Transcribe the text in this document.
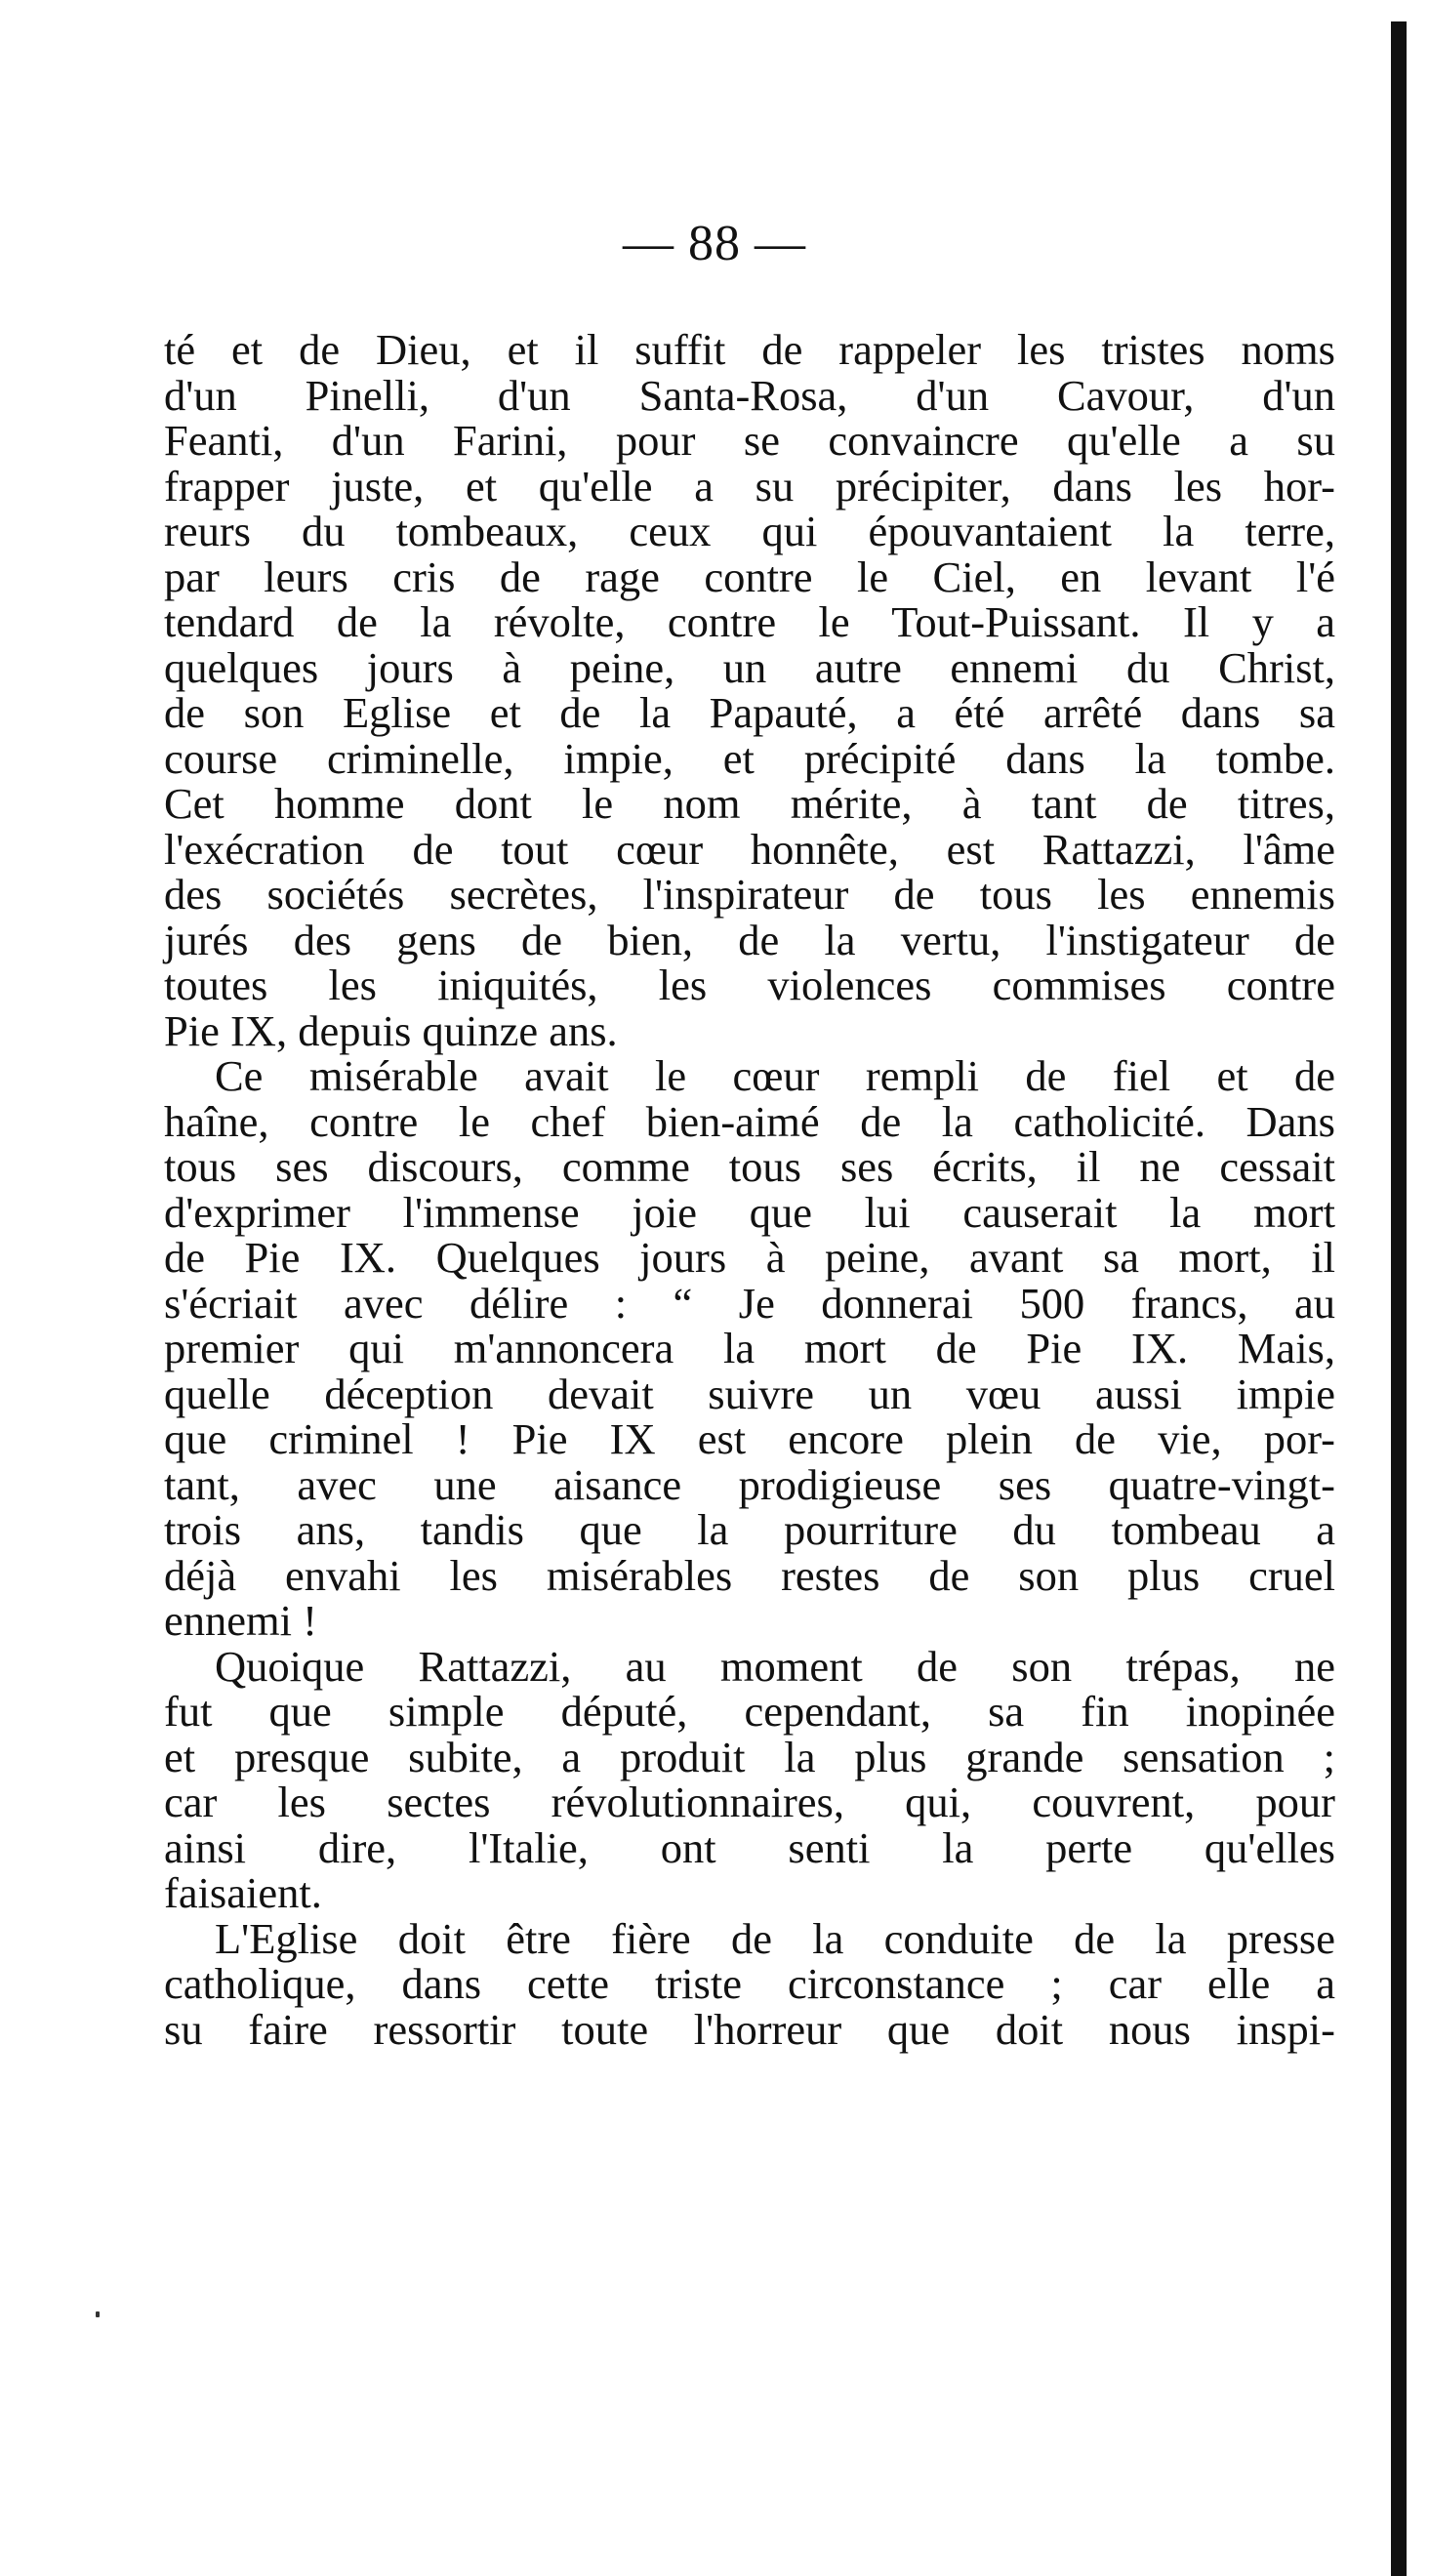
— 88 —
té et de Dieu, et il suffit de rappeler les tristes noms
d'un Pinelli, d'un Santa-Rosa, d'un Cavour, d'un
Feanti, d'un Farini, pour se convaincre qu'elle a su
frapper juste, et qu'elle a su précipiter, dans les hor-
reurs du tombeaux, ceux qui épouvantaient la terre,
par leurs cris de rage contre le Ciel, en levant l'é
tendard de la révolte, contre le Tout-Puissant. Il y a
quelques jours à peine, un autre ennemi du Christ,
de son Eglise et de la Papauté, a été arrêté dans sa
course criminelle, impie, et précipité dans la tombe.
Cet homme dont le nom mérite, à tant de titres,
l'exécration de tout cœur honnête, est Rattazzi, l'âme
des sociétés secrètes, l'inspirateur de tous les ennemis
jurés des gens de bien, de la vertu, l'instigateur de
toutes les iniquités, les violences commises contre
Pie IX, depuis quinze ans.
Ce misérable avait le cœur rempli de fiel et de
haîne, contre le chef bien-aimé de la catholicité. Dans
tous ses discours, comme tous ses écrits, il ne cessait
d'exprimer l'immense joie que lui causerait la mort
de Pie IX. Quelques jours à peine, avant sa mort, il
s'écriait avec délire : “ Je donnerai 500 francs, au
premier qui m'annoncera la mort de Pie IX. Mais,
quelle déception devait suivre un vœu aussi impie
que criminel ! Pie IX est encore plein de vie, por-
tant, avec une aisance prodigieuse ses quatre-vingt-
trois ans, tandis que la pourriture du tombeau a
déjà envahi les misérables restes de son plus cruel
ennemi !
Quoique Rattazzi, au moment de son trépas, ne
fut que simple député, cependant, sa fin inopinée
et presque subite, a produit la plus grande sensation ;
car les sectes révolutionnaires, qui, couvrent, pour
ainsi dire, l'Italie, ont senti la perte qu'elles
faisaient.
L'Eglise doit être fière de la conduite de la presse
catholique, dans cette triste circonstance ; car elle a
su faire ressortir toute l'horreur que doit nous inspi-
